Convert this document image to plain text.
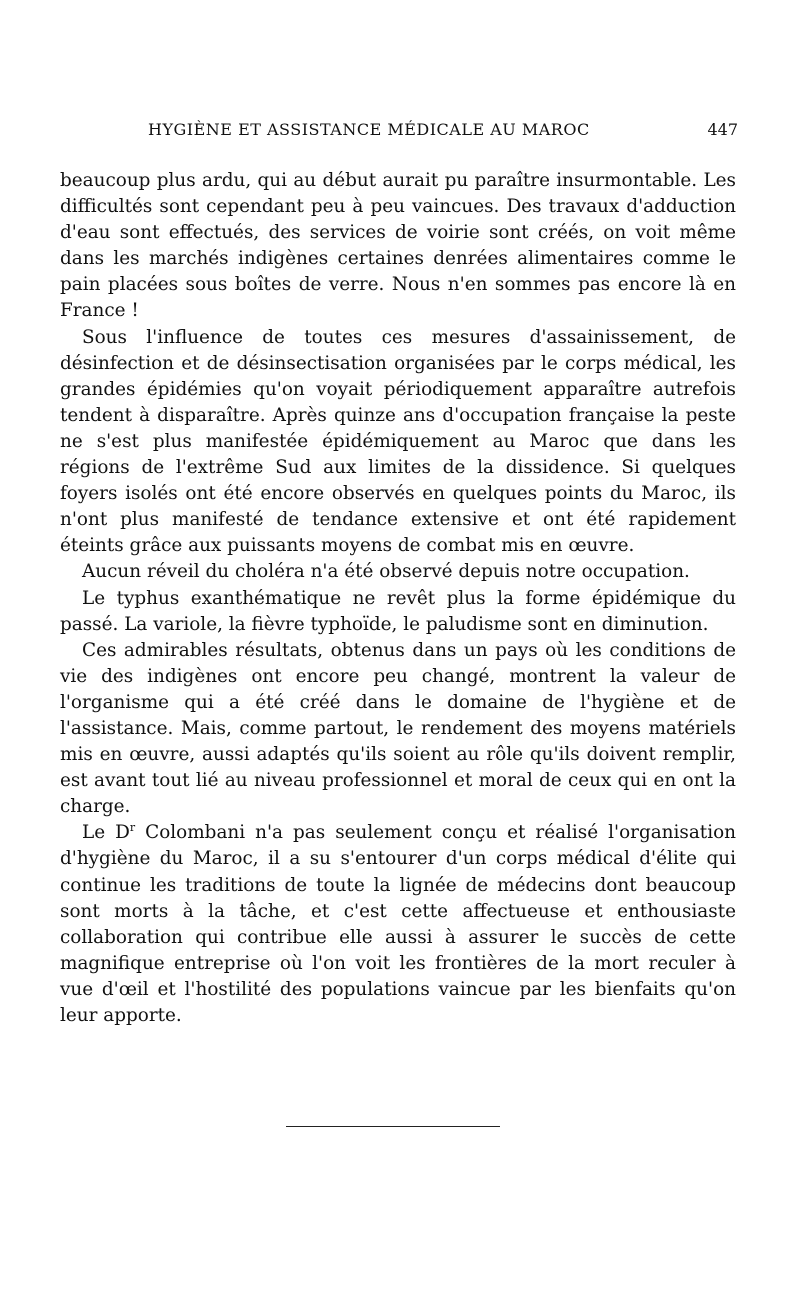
HYGIÈNE ET ASSISTANCE MÉDICALE AU MAROC	447

beaucoup plus ardu, qui au début aurait pu paraître insurmontable. Les difficultés sont cependant peu à peu vaincues. Des travaux d'adduction d'eau sont effectués, des services de voirie sont créés, on voit même dans les marchés indigènes certaines denrées alimentaires comme le pain placées sous boîtes de verre. Nous n'en sommes pas encore là en France !

Sous l'influence de toutes ces mesures d'assainissement, de désinfection et de désinsectisation organisées par le corps médical, les grandes épidémies qu'on voyait périodiquement apparaître autrefois tendent à disparaître. Après quinze ans d'occupation française la peste ne s'est plus manifestée épidémiquement au Maroc que dans les régions de l'extrême Sud aux limites de la dissidence. Si quelques foyers isolés ont été encore observés en quelques points du Maroc, ils n'ont plus manifesté de tendance extensive et ont été rapidement éteints grâce aux puissants moyens de combat mis en œuvre.

Aucun réveil du choléra n'a été observé depuis notre occupation.

Le typhus exanthématique ne revêt plus la forme épidémique du passé. La variole, la fièvre typhoïde, le paludisme sont en diminution.

Ces admirables résultats, obtenus dans un pays où les conditions de vie des indigènes ont encore peu changé, montrent la valeur de l'organisme qui a été créé dans le domaine de l'hygiène et de l'assistance. Mais, comme partout, le rendement des moyens matériels mis en œuvre, aussi adaptés qu'ils soient au rôle qu'ils doivent remplir, est avant tout lié au niveau professionnel et moral de ceux qui en ont la charge.

Le $D^r$ Colombani n'a pas seulement conçu et réalisé l'organisation d'hygiène du Maroc, il a su s'entourer d'un corps médical d'élite qui continue les traditions de toute la lignée de médecins dont beaucoup sont morts à la tâche, et c'est cette affectueuse et enthousiaste collaboration qui contribue elle aussi à assurer le succès de cette magnifique entreprise où l'on voit les frontières de la mort reculer à vue d'œil et l'hostilité des populations vaincue par les bienfaits qu'on leur apporte.
